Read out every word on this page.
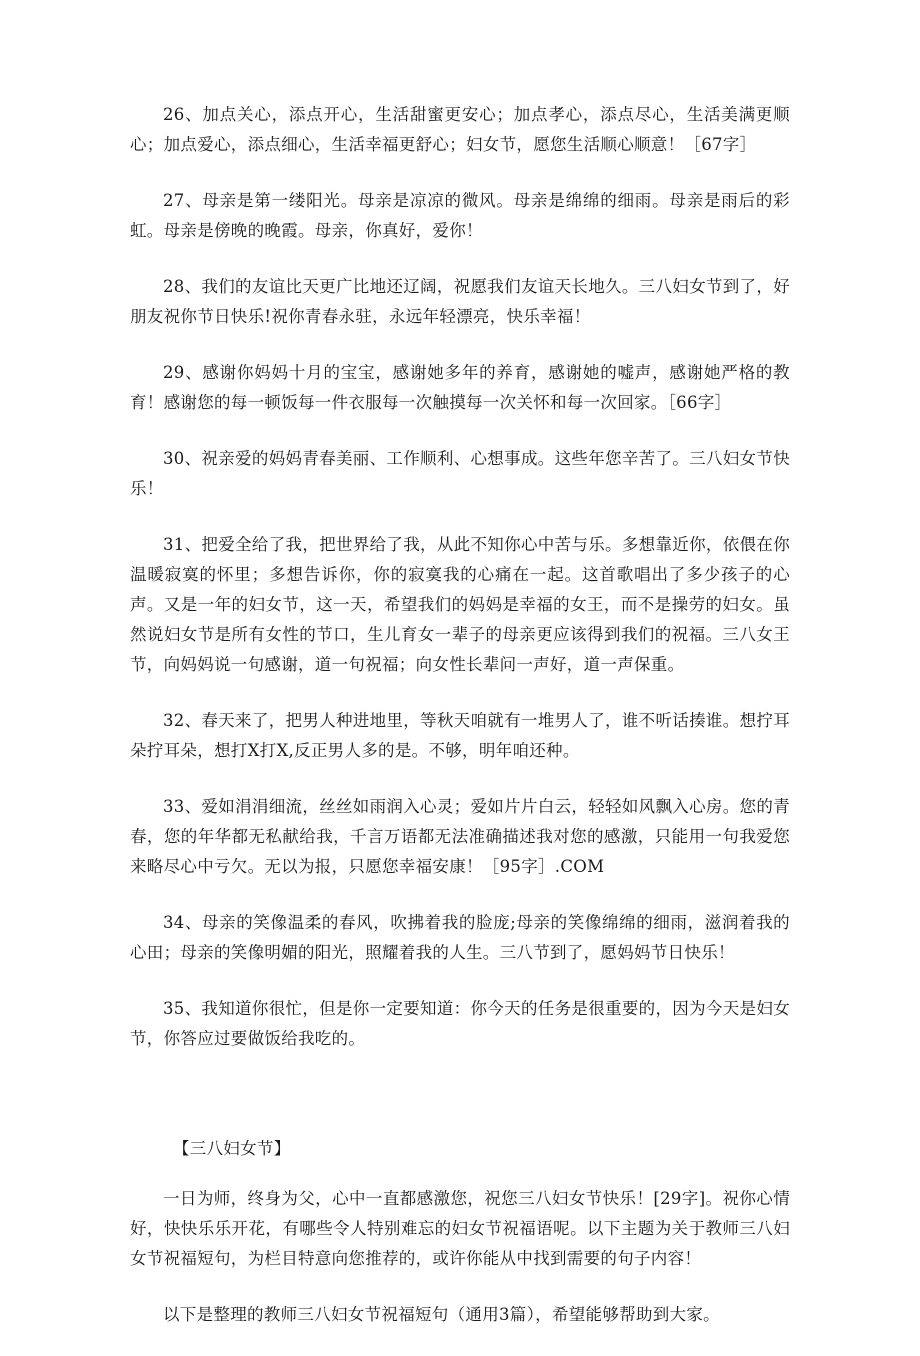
26、加点关心，添点开心，生活甜蜜更安心；加点孝心，添点尽心，生活美满更顺心；加点爱心，添点细心，生活幸福更舒心；妇女节，愿您生活顺心顺意！［67字］

27、母亲是第一缕阳光。母亲是凉凉的微风。母亲是绵绵的细雨。母亲是雨后的彩虹。母亲是傍晚的晚霞。母亲，你真好，爱你！

28、我们的友谊比天更广比地还辽阔，祝愿我们友谊天长地久。三八妇女节到了，好朋友祝你节日快乐!祝你青春永驻，永远年轻漂亮，快乐幸福！

29、感谢你妈妈十月的宝宝，感谢她多年的养育，感谢她的嘘声，感谢她严格的教育！感谢您的每一顿饭每一件衣服每一次触摸每一次关怀和每一次回家。［66字］

30、祝亲爱的妈妈青春美丽、工作顺利、心想事成。这些年您辛苦了。三八妇女节快乐！

31、把爱全给了我，把世界给了我，从此不知你心中苦与乐。多想靠近你，依偎在你温暖寂寞的怀里；多想告诉你，你的寂寞我的心痛在一起。这首歌唱出了多少孩子的心声。又是一年的妇女节，这一天，希望我们的妈妈是幸福的女王，而不是操劳的妇女。虽然说妇女节是所有女性的节口，生儿育女一辈子的母亲更应该得到我们的祝福。三八女王节，向妈妈说一句感谢，道一句祝福；向女性长辈问一声好，道一声保重。

32、春天来了，把男人种进地里，等秋天咱就有一堆男人了，谁不听话揍谁。想拧耳朵拧耳朵，想打X打X,反正男人多的是。不够，明年咱还种。

33、爱如涓涓细流，丝丝如雨润入心灵；爱如片片白云，轻轻如风飘入心房。您的青春，您的年华都无私献给我，千言万语都无法准确描述我对您的感激，只能用一句我爱您来略尽心中亏欠。无以为报，只愿您幸福安康！［95字］.COM

34、母亲的笑像温柔的春风，吹拂着我的脸庞;母亲的笑像绵绵的细雨，滋润着我的心田；母亲的笑像明媚的阳光，照耀着我的人生。三八节到了，愿妈妈节日快乐！

35、我知道你很忙，但是你一定要知道：你今天的任务是很重要的，因为今天是妇女节，你答应过要做饭给我吃的。

【三八妇女节】

一日为师，终身为父，心中一直都感激您，祝您三八妇女节快乐！[29字]。祝你心情好，快快乐乐开花，有哪些令人特别难忘的妇女节祝福语呢。以下主题为关于教师三八妇女节祝福短句，为栏目特意向您推荐的，或许你能从中找到需要的句子内容！

以下是整理的教师三八妇女节祝福短句（通用3篇），希望能够帮助到大家。
